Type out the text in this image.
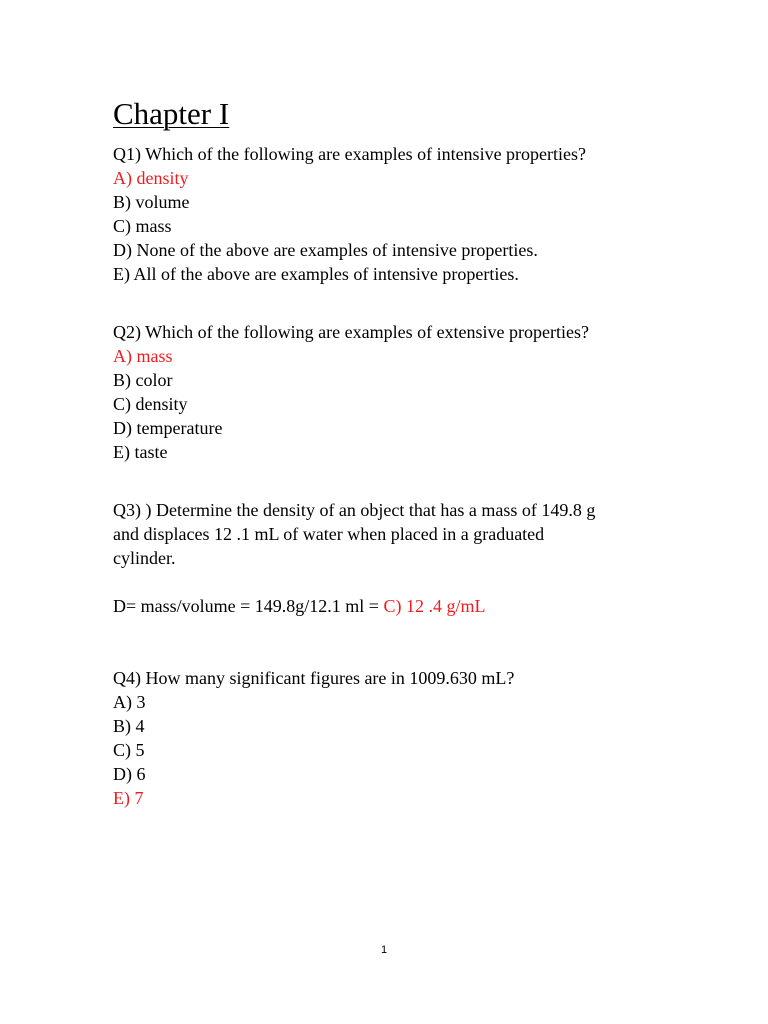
Chapter I
Q1) Which of the following are examples of intensive properties?
A) density
B) volume
C) mass
D) None of the above are examples of intensive properties.
E) All of the above are examples of intensive properties.
Q2) Which of the following are examples of extensive properties?
A) mass
B) color
C) density
D) temperature
E) taste
Q3) ) Determine the density of an object that has a mass of 149.8 g
and displaces 12 .1 mL of water when placed in a graduated
cylinder.
D= mass/volume = 149.8g/12.1 ml = C) 12 .4 g/mL
Q4) How many significant figures are in 1009.630 mL?
A) 3
B) 4
C) 5
D) 6
E) 7
1
